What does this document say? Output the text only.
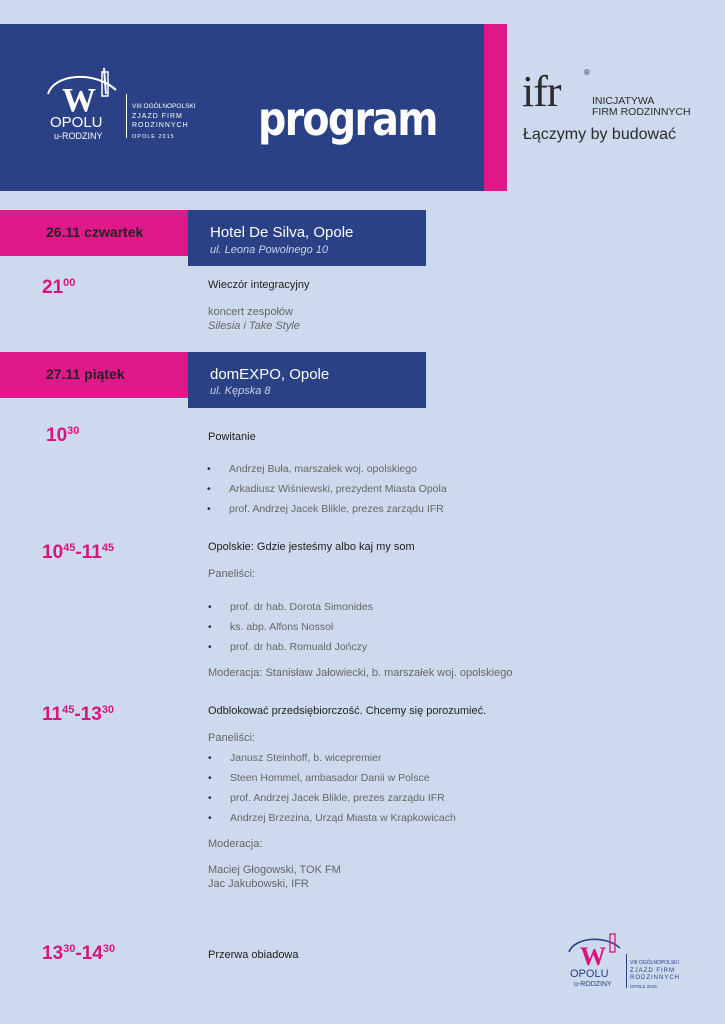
W
OPOLU
u-RODZINY
VIII OGÓLNOPOLSKI
ZJAZD FIRM
RODZINNYCH
OPOLE 2015 program
ifr	®
INICJATYWA
FIRM RODZINNYCH
Łączymy by budować
26.11 czwartek	Hotel De Silva, Opole
ul. Leona Powolnego 10
$21^{00}$	Wieczór integracyjny
koncert zespołów
Silesia i Take Style
27.11 piątek	domEXPO, Opole
ul. Kępska 8
$10^{30}$	Powitanie
• Andrzej Buła, marszałek woj. opolskiego
• Arkadiusz Wiśniewski, prezydent Miasta Opola
• prof. Andrzej Jacek Blikle, prezes zarządu IFR
$10^{45}-11^{45}$	Opolskie: Gdzie jesteśmy albo kaj my som
Paneliści:
• prof. dr hab. Dorota Simonides
• ks. abp. Alfons Nossol
• prof. dr hab. Romuald Jończy
Moderacja: Stanisław Jałowiecki, b. marszałek woj. opolskiego
$11^{45}-13^{30}$	Odblokować przedsiębiorczość. Chcemy się porozumieć.
Paneliści:
• Janusz Steinhoff, b. wicepremier
• Steen Hommel, ambasador Danii w Polsce
• prof. Andrzej Jacek Blikle, prezes zarządu IFR
• Andrzej Brzezina, Urząd Miasta w Krapkowicach
Moderacja:
Maciej Głogowski, TOK FM
Jac Jakubowski, IFR
$13^{30}-14^{30}$	Przerwa obiadowa	W
OPOLU
u-RODZINY
VIII OGÓLNOPOLSKI
ZJAZD FIRM
RODZINNYCH
OPOLE 2015
